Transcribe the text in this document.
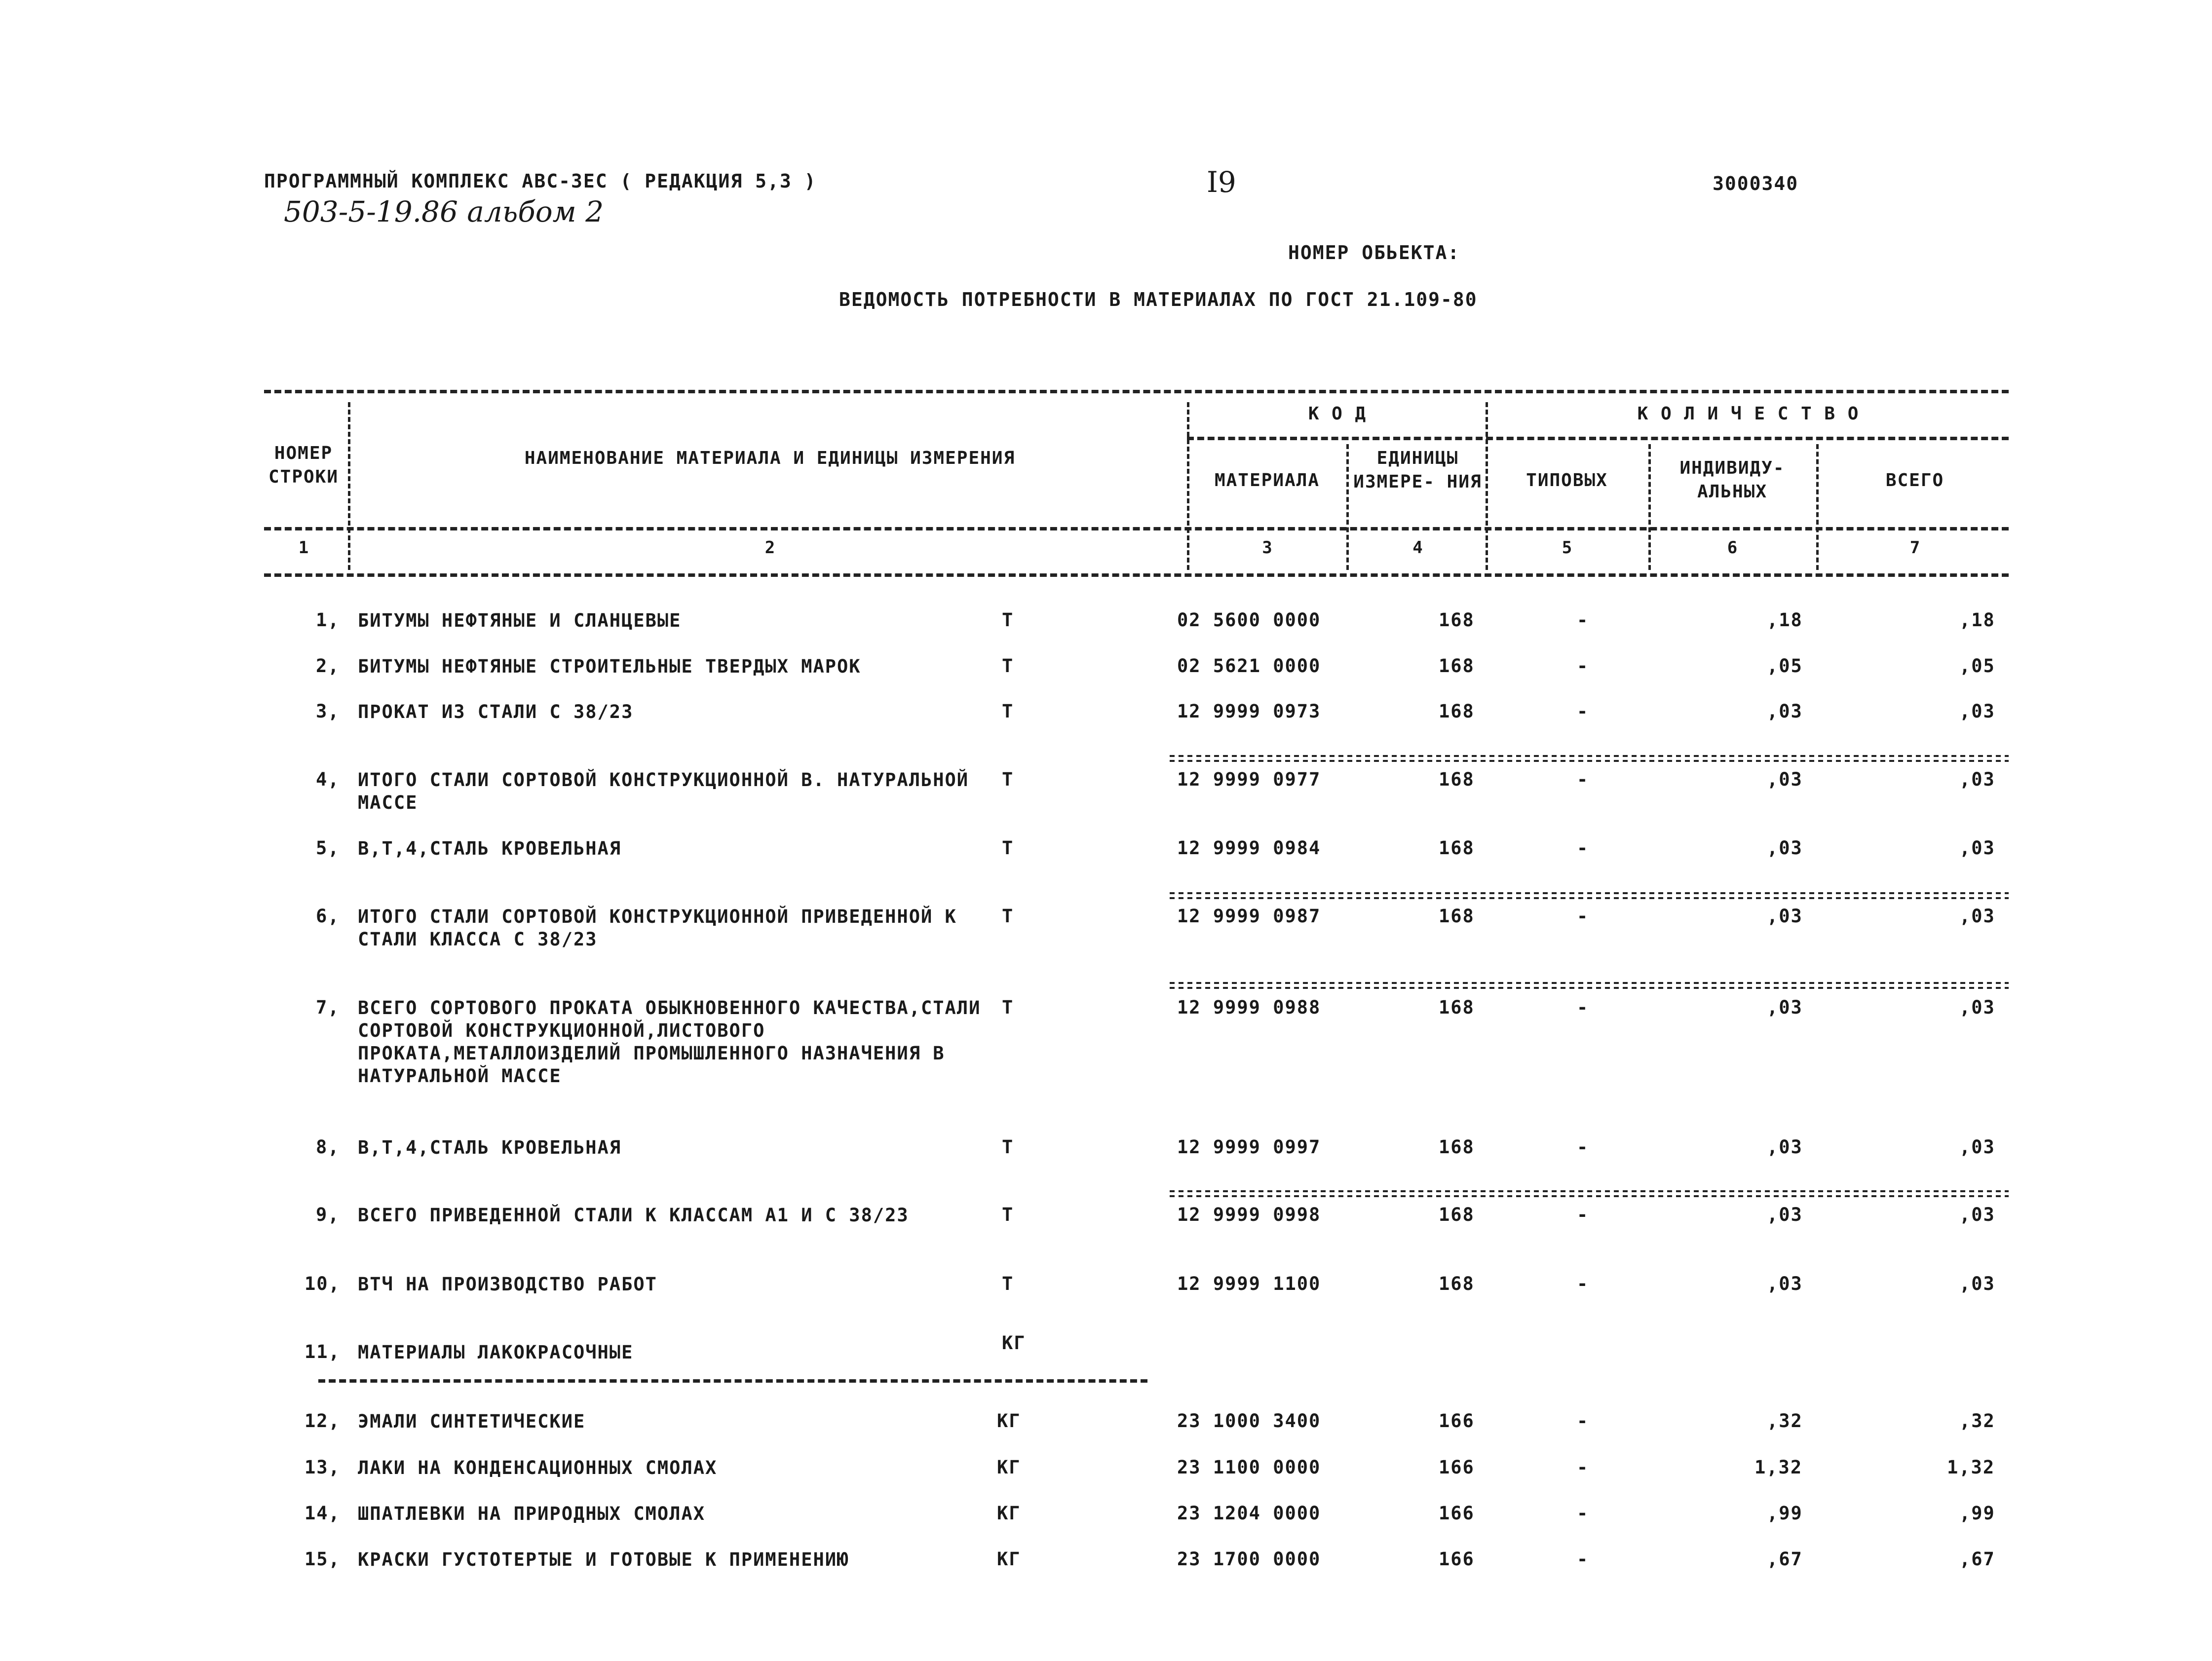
ПРОГРАММНЫЙ КОМПЛЕКС АВС-3ЕС ( РЕДАКЦИЯ 5,3 )
503-5-19.86 альбом 2
I9	3000340
НОМЕР ОБЬЕКТА:
ВЕДОМОСТЬ ПОТРЕБНОСТИ В МАТЕРИАЛАХ ПО ГОСТ 21.109-80
НОМЕР СТРОКИ
НАИМЕНОВАНИЕ МАТЕРИАЛА И ЕДИНИЦЫ ИЗМЕРЕНИЯ
К О Д	К О Л И Ч Е С Т В О
МАТЕРИАЛА
ЕДИНИЦЫ ИЗМЕРЕ- НИЯ	ТИПОВЫХ
ИНДИВИДУ- АЛЬНЫХ
ВСЕГО
1	2	3	4	5	6	7
1, БИТУМЫ НЕФТЯНЫЕ И СЛАНЦЕВЫЕ	Т	02 5600 0000	168	-	,18	,18
2, БИТУМЫ НЕФТЯНЫЕ СТРОИТЕЛЬНЫЕ ТВЕРДЫХ МАРОК	Т	02 5621 0000	168	-	,05	,05
3, ПРОКАТ ИЗ СТАЛИ С 38/23	Т	12 9999 0973	168	-	,03	,03
4, ИТОГО СТАЛИ СОРТОВОЙ КОНСТРУКЦИОННОЙ В. НАТУРАЛЬНОЙ МАССЕ
Т	12 9999 0977	168	-	,03	,03
5, В,Т,4,СТАЛЬ КРОВЕЛЬНАЯ	Т	12 9999 0984	168	-	,03	,03
6, ИТОГО СТАЛИ СОРТОВОЙ КОНСТРУКЦИОННОЙ ПРИВЕДЕННОЙ К СТАЛИ КЛАССА С 38/23
Т	12 9999 0987	168	-	,03	,03
7, ВСЕГО СОРТОВОГО ПРОКАТА ОБЫКНОВЕННОГО КАЧЕСТВА,СТАЛИ СОРТОВОЙ КОНСТРУКЦИОННОЙ,ЛИСТОВОГО ПРОКАТА,МЕТАЛЛОИЗДЕЛИЙ ПРОМЫШЛЕННОГО НАЗНАЧЕНИЯ В НАТУРАЛЬНОЙ МАССЕ
Т	12 9999 0988	168	-	,03	,03
8, В,Т,4,СТАЛЬ КРОВЕЛЬНАЯ	Т	12 9999 0997	168	-	,03	,03
9, ВСЕГО ПРИВЕДЕННОЙ СТАЛИ К КЛАССАМ А1 И С 38/23	Т	12 9999 0998	168	-	,03	,03
10, ВТЧ НА ПРОИЗВОДСТВО РАБОТ	Т	12 9999 1100	168	-	,03	,03
11, МАТЕРИАЛЫ ЛАКОКРАСОЧНЫЕ	КГ
12, ЭМАЛИ СИНТЕТИЧЕСКИЕ	КГ	23 1000 3400	166	-	,32	,32
13, ЛАКИ НА КОНДЕНСАЦИОННЫХ СМОЛАХ	КГ	23 1100 0000	166	-	1,32	1,32
14, ШПАТЛЕВКИ НА ПРИРОДНЫХ СМОЛАХ	КГ	23 1204 0000	166	-	,99	,99
15, КРАСКИ ГУСТОТЕРТЫЕ И ГОТОВЫЕ К ПРИМЕНЕНИЮ	КГ	23 1700 0000	166	-	,67	,67
